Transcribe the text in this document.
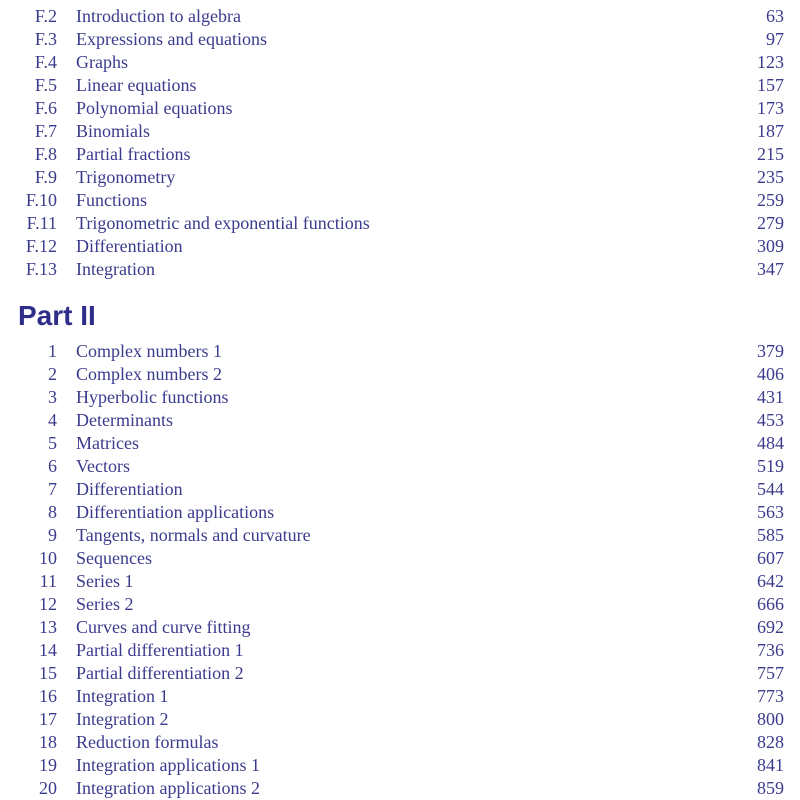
F.2 Introduction to algebra	63
F.3 Expressions and equations	97
F.4 Graphs	123
F.5 Linear equations	157
F.6 Polynomial equations	173
F.7 Binomials	187
F.8 Partial fractions	215
F.9 Trigonometry	235
F.10 Functions	259
F.11 Trigonometric and exponential functions	279
F.12 Differentiation	309
F.13 Integration	347
Part II
1 Complex numbers 1	379
2 Complex numbers 2	406
3 Hyperbolic functions	431
4 Determinants	453
5 Matrices	484
6 Vectors	519
7 Differentiation	544
8 Differentiation applications	563
9 Tangents, normals and curvature	585
10 Sequences	607
11 Series 1	642
12 Series 2	666
13 Curves and curve fitting	692
14 Partial differentiation 1	736
15 Partial differentiation 2	757
16 Integration 1	773
17 Integration 2	800
18 Reduction formulas	828
19 Integration applications 1	841
20 Integration applications 2	859
